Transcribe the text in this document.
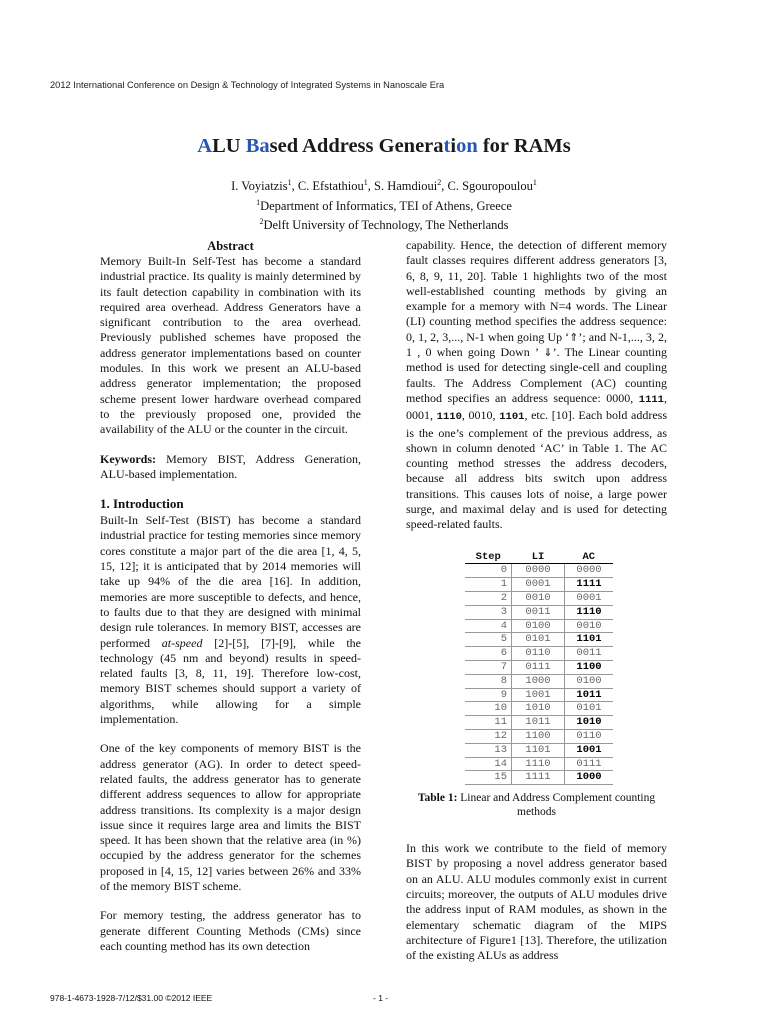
2012 International Conference on Design & Technology of Integrated Systems in Nanoscale Era
ALU Based Address Generation for RAMs
I. Voyiatzis$^1$, C. Efstathiou$^1$, S. Hamdioui$^2$, C. Sgouropoulou$^1$
$^1$Department of Informatics, TEI of Athens, Greece
$^2$Delft University of Technology, The Netherlands
Abstract

Memory Built-In Self-Test has become a standard industrial practice. Its quality is mainly determined by its fault detection capability in combination with its required area overhead. Address Generators have a significant contribution to the area overhead. Previously published schemes have proposed the address generator implementations based on counter modules. In this work we present an ALU-based address generator implementation; the proposed scheme present lower hardware overhead compared to the previously proposed one, provided the availability of the ALU or the counter in the circuit.

Keywords: Memory BIST, Address Generation, ALU-based implementation.

1. Introduction

Built-In Self-Test (BIST) has become a standard industrial practice for testing memories since memory cores constitute a major part of the die area [1, 4, 5, 15, 12]; it is anticipated that by 2014 memories will take up 94% of the die area [16]. In addition, memories are more susceptible to defects, and hence, to faults due to that they are designed with minimal design rule tolerances. In memory BIST, accesses are performed at-speed [2]-[5], [7]-[9], while the technology (45 nm and beyond) results in speed-related faults [3, 8, 11, 19]. Therefore low-cost, memory BIST schemes should support a variety of algorithms, while allowing for a simple implementation.

One of the key components of memory BIST is the address generator (AG). In order to detect speed-related faults, the address generator has to generate different address sequences to allow for appropriate address transitions. Its complexity is a major design issue since it requires large area and limits the BIST speed. It has been shown that the relative area (in %) occupied by the address generator for the schemes proposed in [4, 15, 12] varies between 26% and 33% of the memory BIST scheme.

For memory testing, the address generator has to generate different Counting Methods (CMs) since each counting method has its own detection

capability. Hence, the detection of different memory fault classes requires different address generators [3, 6, 8, 9, 11, 20]. Table 1 highlights two of the most well-established counting methods by giving an example for a memory with N=4 words. The Linear (LI) counting method specifies the address sequence: 0, 1, 2, 3,..., N-1 when going Up ‘⇑’; and N-1,..., 3, 2, 1 , 0 when going Down ’ ⇓’. The Linear counting method is used for detecting single-cell and coupling faults. The Address Complement (AC) counting method specifies an address sequence: 0000, 1111, 0001, 1110, 0010, 1101, etc. [10]. Each bold address is the one’s complement of the previous address, as shown in column denoted ‘AC’ in Table 1. The AC counting method stresses the address decoders, because all address bits switch upon address transitions. This causes lots of noise, a large power surge, and maximal delay and is used for detecting speed-related faults.

Step	LI	AC
0	0000	0000
1	0001	1111
2	0010	0001
3	0011	1110
4	0100	0010
5	0101	1101
6	0110	0011
7	0111	1100
8	1000	0100
9	1001	1011
10	1010	0101
11	1011	1010
12	1100	0110
13	1101	1001
14	1110	0111
15	1111	1000
Table 1: Linear and Address Complement counting methods

In this work we contribute to the field of memory BIST by proposing a novel address generator based on an ALU. ALU modules commonly exist in current circuits; moreover, the outputs of ALU modules drive the address input of RAM modules, as shown in the elementary schematic diagram of the MIPS architecture of Figure1 [13]. Therefore, the utilization of the existing ALUs as address

978-1-4673-1928-7/12/$31.00 ©2012 IEEE	- 1 -
